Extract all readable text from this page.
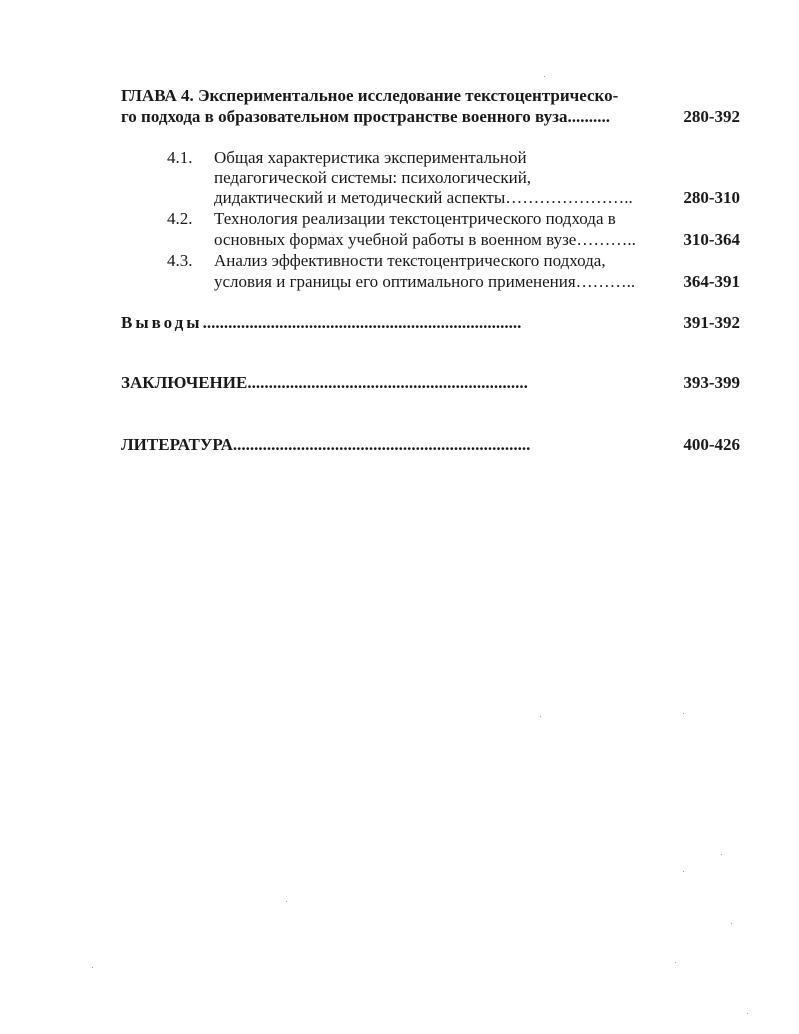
ГЛАВА 4. Экспериментальное исследование текстоцентрическо-
го подхода в образовательном пространстве военного вуза..........	280-392
4.1. Общая характеристика экспериментальной
педагогической системы: психологический,
дидактический и методический аспекты…………………..	280-310
4.2. Технология реализации текстоцентрического подхода в
основных формах учебной работы в военном вузе………..	310-364
4.3. Анализ эффективности текстоцентрического подхода,
условия и границы его оптимального применения………..	364-391
Выводы...........................................................................	391-392
ЗАКЛЮЧЕНИЕ..................................................................	393-399
ЛИТЕРАТУРА......................................................................	400-426
